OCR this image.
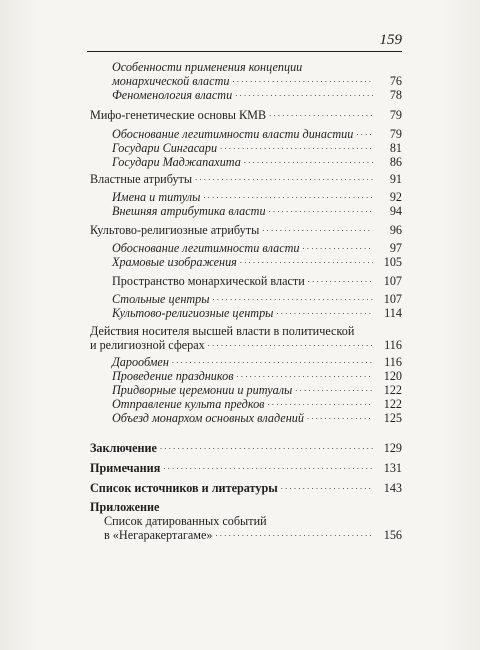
159
Особенности применения концепции
монархической власти . . .	76
Феноменология власти . . .	78
Мифо-генетические основы КМВ . . .	79
Обоснование легитимности власти династии . . .	79
Государи Сингасари . . .	81
Государи Маджапахита . . .	86
Властные атрибуты . . .	91
Имена и титулы . . .	92
Внешняя атрибутика власти . . .	94
Культово-религиозные атрибуты . . .	96
Обоснование легитимности власти . . .	97
Храмовые изображения . . .	105
Пространство монархической власти . . .	107
Стольные центры . . .	107
Культово-религиозные центры . . .	114
Действия носителя высшей власти в политической
и религиозной сферах . . .	116
Дарообмен . . .	116
Проведение праздников . . .	120
Придворные церемонии и ритуалы . . .	122
Отправление культа предков . . .	122
Объезд монархом основных владений . . .	125
Заключение . . .	129
Примечания . . .	131
Список источников и литературы . . .	143
Приложение
Список датированных событий
в «Негаракертагаме» . . .	156
